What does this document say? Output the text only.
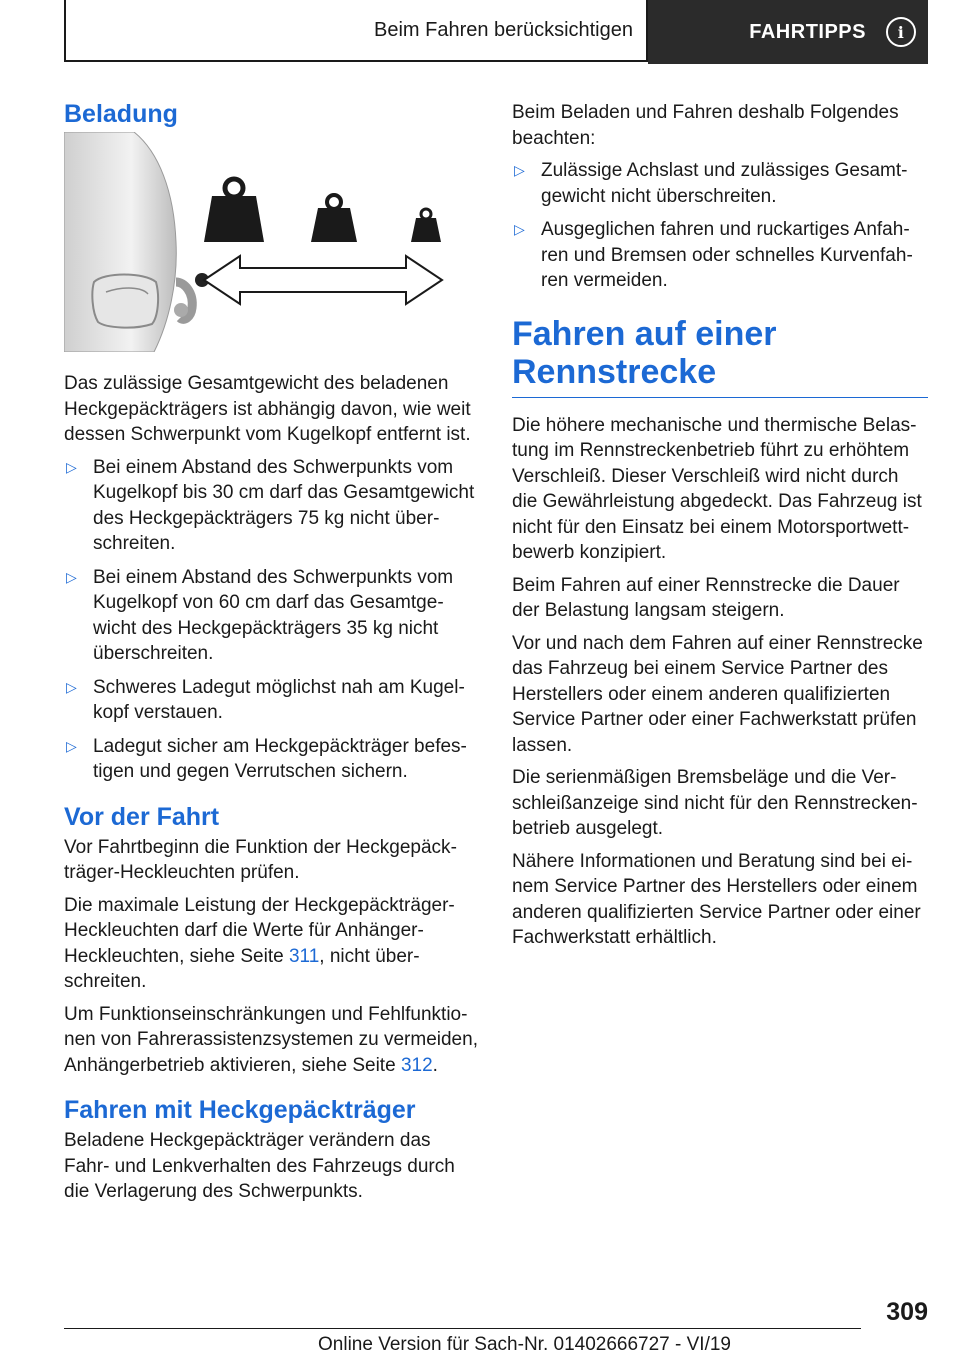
Beim Fahren berücksichtigen	FAHRTIPPS	i
Beladung

Das zulässige Gesamtgewicht des beladenen Heckgepäckträgers ist abhängig davon, wie weit dessen Schwerpunkt vom Kugelkopf entfernt ist.

▷ Bei einem Abstand des Schwerpunkts vom Kugelkopf bis 30 cm darf das Gesamtgewicht des Heckgepäckträgers 75 kg nicht überschreiten.
▷ Bei einem Abstand des Schwerpunkts vom Kugelkopf von 60 cm darf das Gesamtgewicht des Heckgepäckträgers 35 kg nicht überschreiten.
▷ Schweres Ladegut möglichst nah am Kugelkopf verstauen.
▷ Ladegut sicher am Heckgepäckträger befestigen und gegen Verrutschen sichern.
Vor der Fahrt

Vor Fahrtbeginn die Funktion der Heckgepäckträger-Heckleuchten prüfen.

Die maximale Leistung der Heckgepäckträger-Heckleuchten darf die Werte für Anhänger-Heckleuchten, siehe Seite 311, nicht überschreiten.

Um Funktionseinschränkungen und Fehlfunktionen von Fahrerassistenzsystemen zu vermeiden, Anhängerbetrieb aktivieren, siehe Seite 312.

Fahren mit Heckgepäckträger

Beladene Heckgepäckträger verändern das Fahr- und Lenkverhalten des Fahrzeugs durch die Verlagerung des Schwerpunkts.

Beim Beladen und Fahren deshalb Folgendes beachten:

▷ Zulässige Achslast und zulässiges Gesamtgewicht nicht überschreiten.
▷ Ausgeglichen fahren und ruckartiges Anfahren und Bremsen oder schnelles Kurvenfahren vermeiden.
Fahren auf einer
Rennstrecke

Die höhere mechanische und thermische Belastung im Rennstreckenbetrieb führt zu erhöhtem Verschleiß. Dieser Verschleiß wird nicht durch die Gewährleistung abgedeckt. Das Fahrzeug ist nicht für den Einsatz bei einem Motorsportwettbewerb konzipiert.

Beim Fahren auf einer Rennstrecke die Dauer der Belastung langsam steigern.

Vor und nach dem Fahren auf einer Rennstrecke das Fahrzeug bei einem Service Partner des Herstellers oder einem anderen qualifizierten Service Partner oder einer Fachwerkstatt prüfen lassen.

Die serienmäßigen Bremsbeläge und die Verschleißanzeige sind nicht für den Rennstreckenbetrieb ausgelegt.

Nähere Informationen und Beratung sind bei einem Service Partner des Herstellers oder einem anderen qualifizierten Service Partner oder einer Fachwerkstatt erhältlich.

309
Online Version für Sach-Nr. 01402666727 - VI/19
